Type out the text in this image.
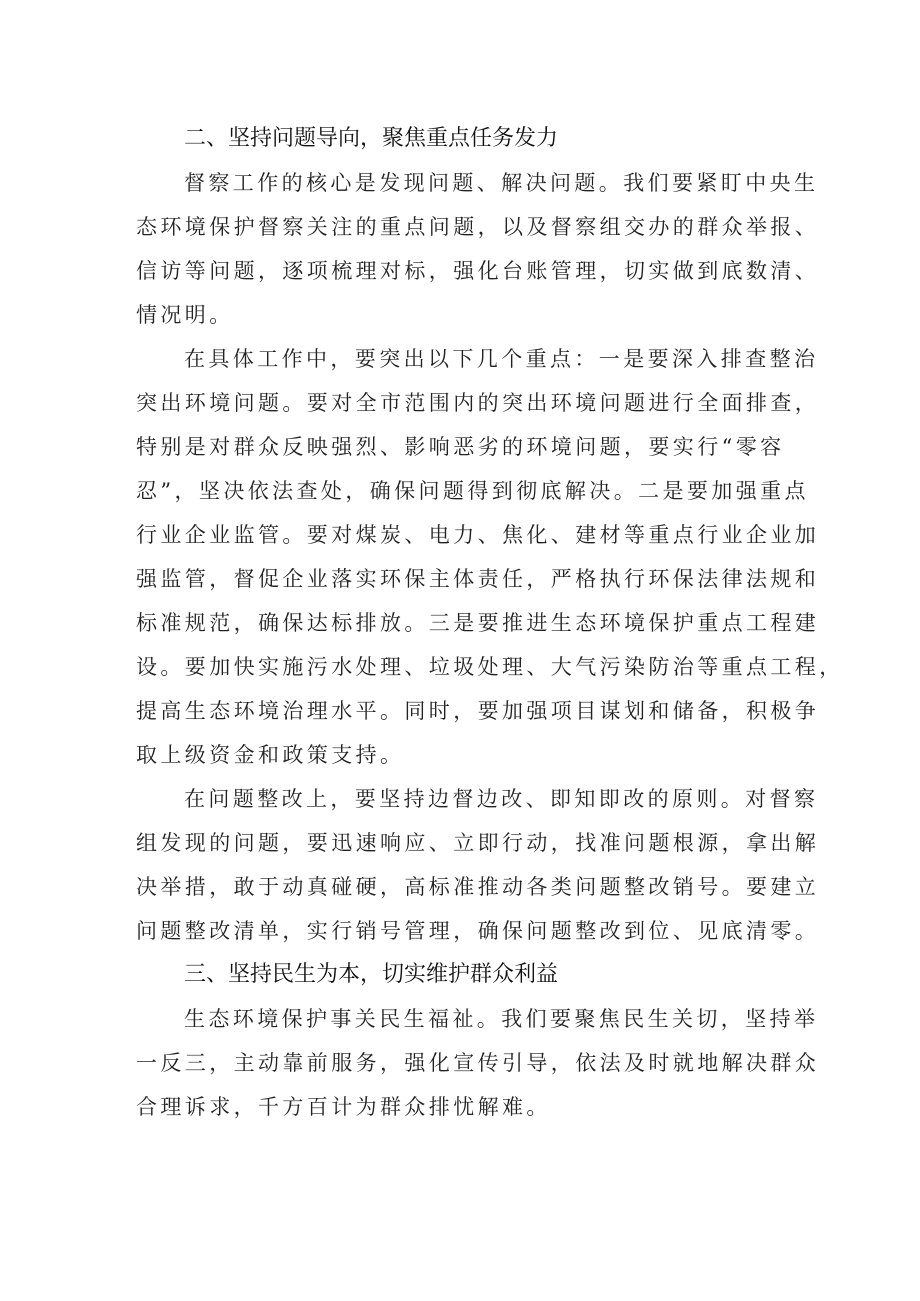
二、坚持问题导向，聚焦重点任务发力

督察工作的核心是发现问题、解决问题。我们要紧盯中央生
态环境保护督察关注的重点问题，以及督察组交办的群众举报、
信访等问题，逐项梳理对标，强化台账管理，切实做到底数清、
情况明。

在具体工作中，要突出以下几个重点：一是要深入排查整治
突出环境问题。要对全市范围内的突出环境问题进行全面排查，
特别是对群众反映强烈、影响恶劣的环境问题，要实行“零容
忍”，坚决依法查处，确保问题得到彻底解决。二是要加强重点
行业企业监管。要对煤炭、电力、焦化、建材等重点行业企业加
强监管，督促企业落实环保主体责任，严格执行环保法律法规和
标准规范，确保达标排放。三是要推进生态环境保护重点工程建
设。要加快实施污水处理、垃圾处理、大气污染防治等重点工程，
提高生态环境治理水平。同时，要加强项目谋划和储备，积极争
取上级资金和政策支持。

在问题整改上，要坚持边督边改、即知即改的原则。对督察
组发现的问题，要迅速响应、立即行动，找准问题根源，拿出解
决举措，敢于动真碰硬，高标准推动各类问题整改销号。要建立
问题整改清单，实行销号管理，确保问题整改到位、见底清零。

三、坚持民生为本，切实维护群众利益

生态环境保护事关民生福祉。我们要聚焦民生关切，坚持举
一反三，主动靠前服务，强化宣传引导，依法及时就地解决群众
合理诉求，千方百计为群众排忧解难。
